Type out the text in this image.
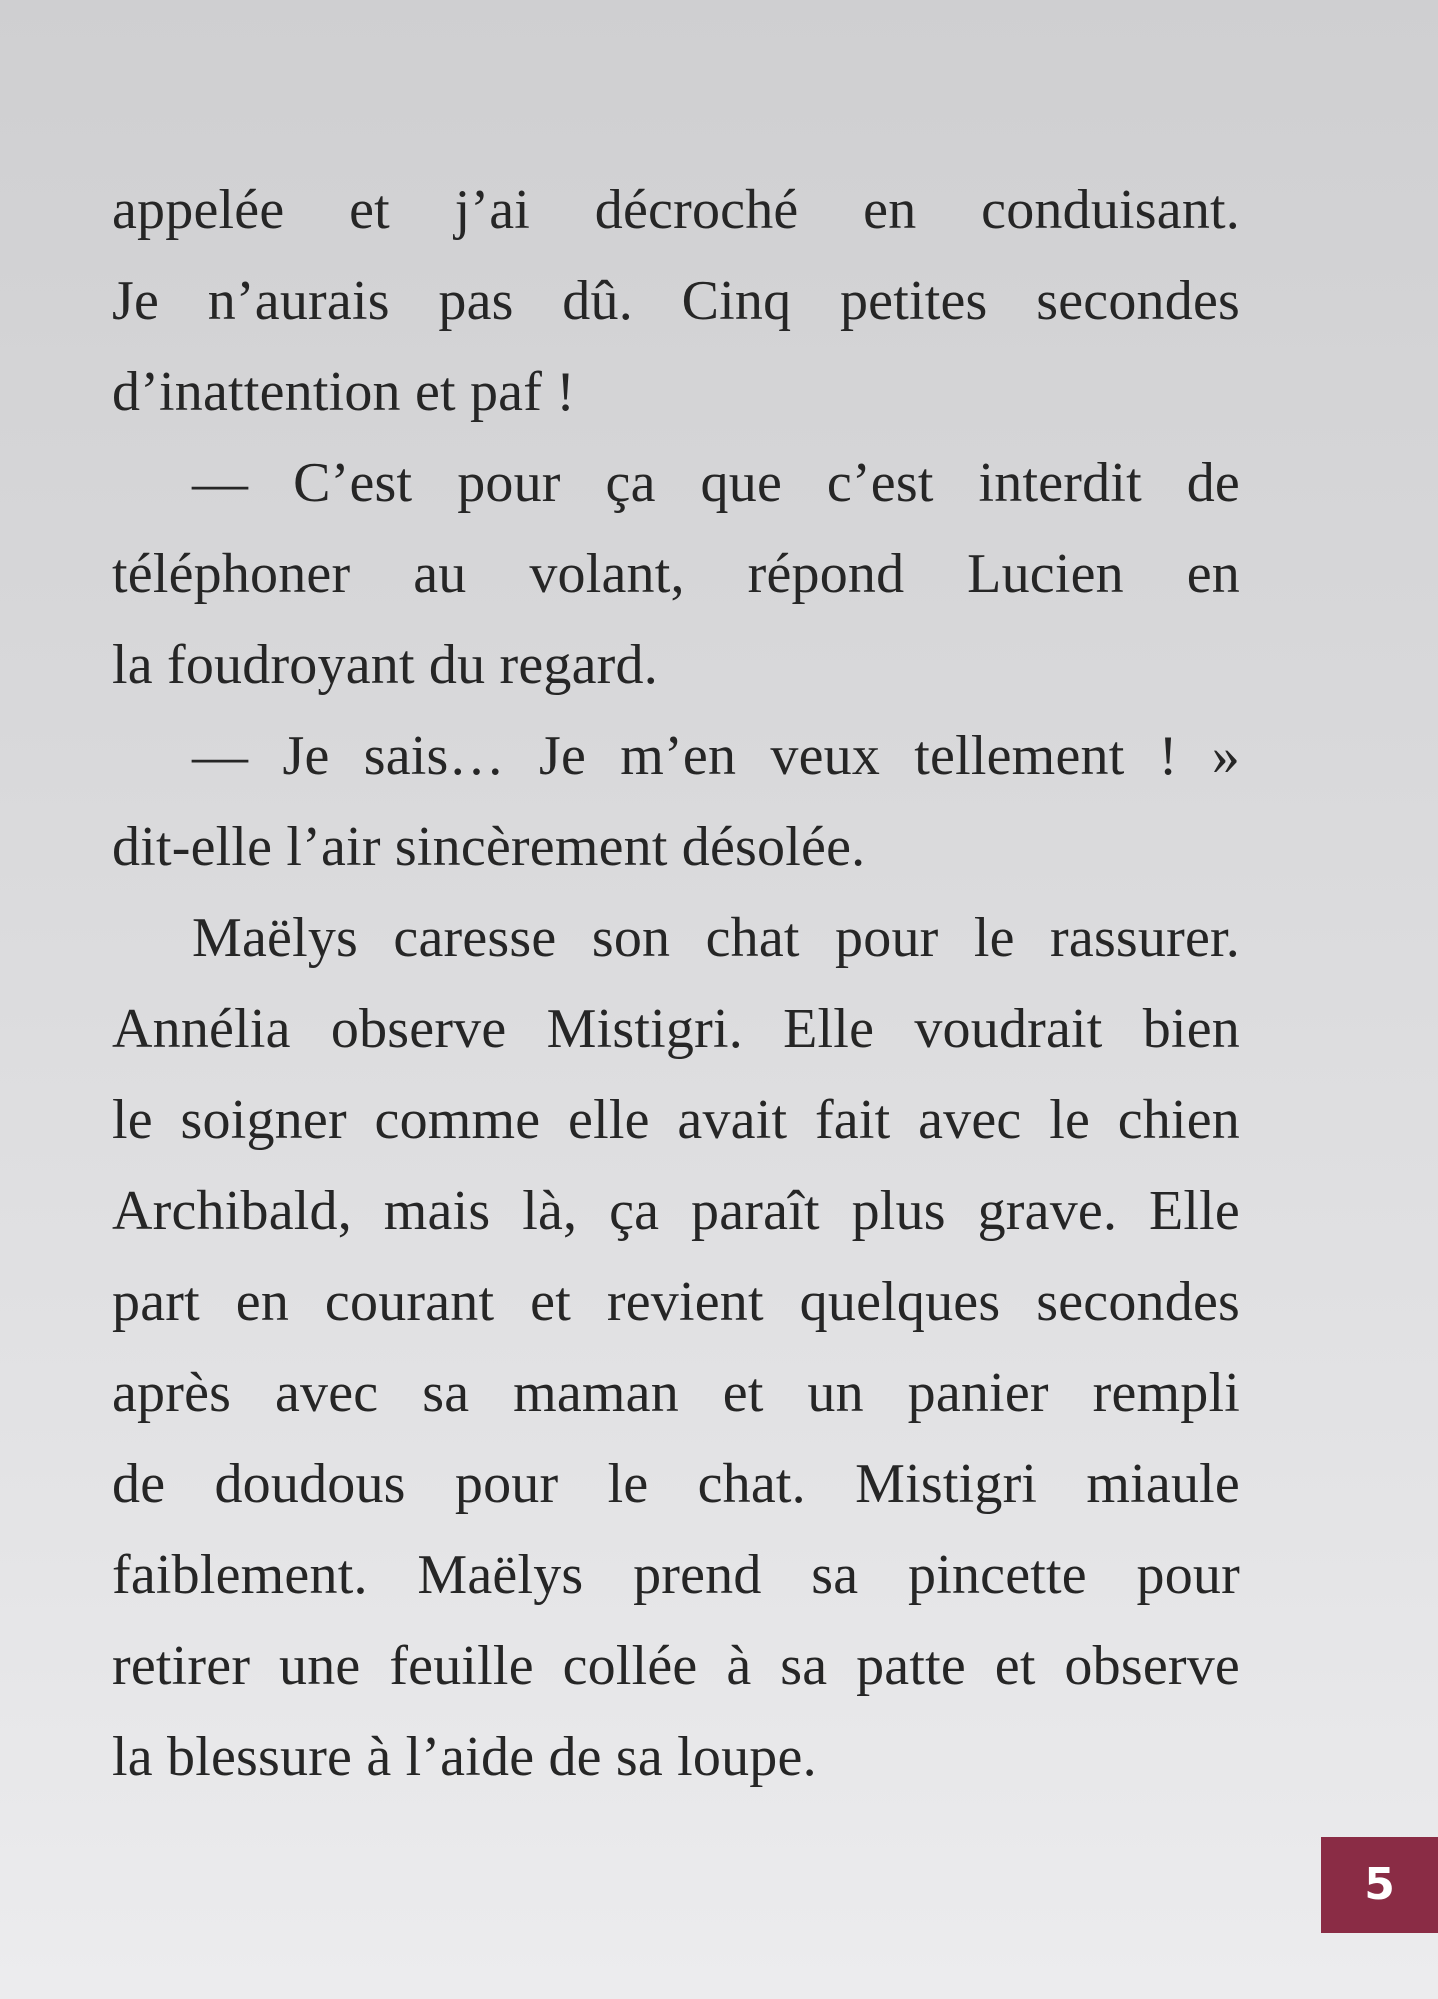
appelée et j’ai décroché en conduisant.
Je n’aurais pas dû. Cinq petites secondes
d’inattention et paf !
— C’est pour ça que c’est interdit de
téléphoner au volant, répond Lucien en
la foudroyant du regard.
— Je sais… Je m’en veux tellement ! »
dit-elle l’air sincèrement désolée.
Maëlys caresse son chat pour le rassurer.
Annélia observe Mistigri. Elle voudrait bien
le soigner comme elle avait fait avec le chien
Archibald, mais là, ça paraît plus grave. Elle
part en courant et revient quelques secondes
après avec sa maman et un panier rempli
de doudous pour le chat. Mistigri miaule
faiblement. Maëlys prend sa pincette pour
retirer une feuille collée à sa patte et observe
la blessure à l’aide de sa loupe.
5
